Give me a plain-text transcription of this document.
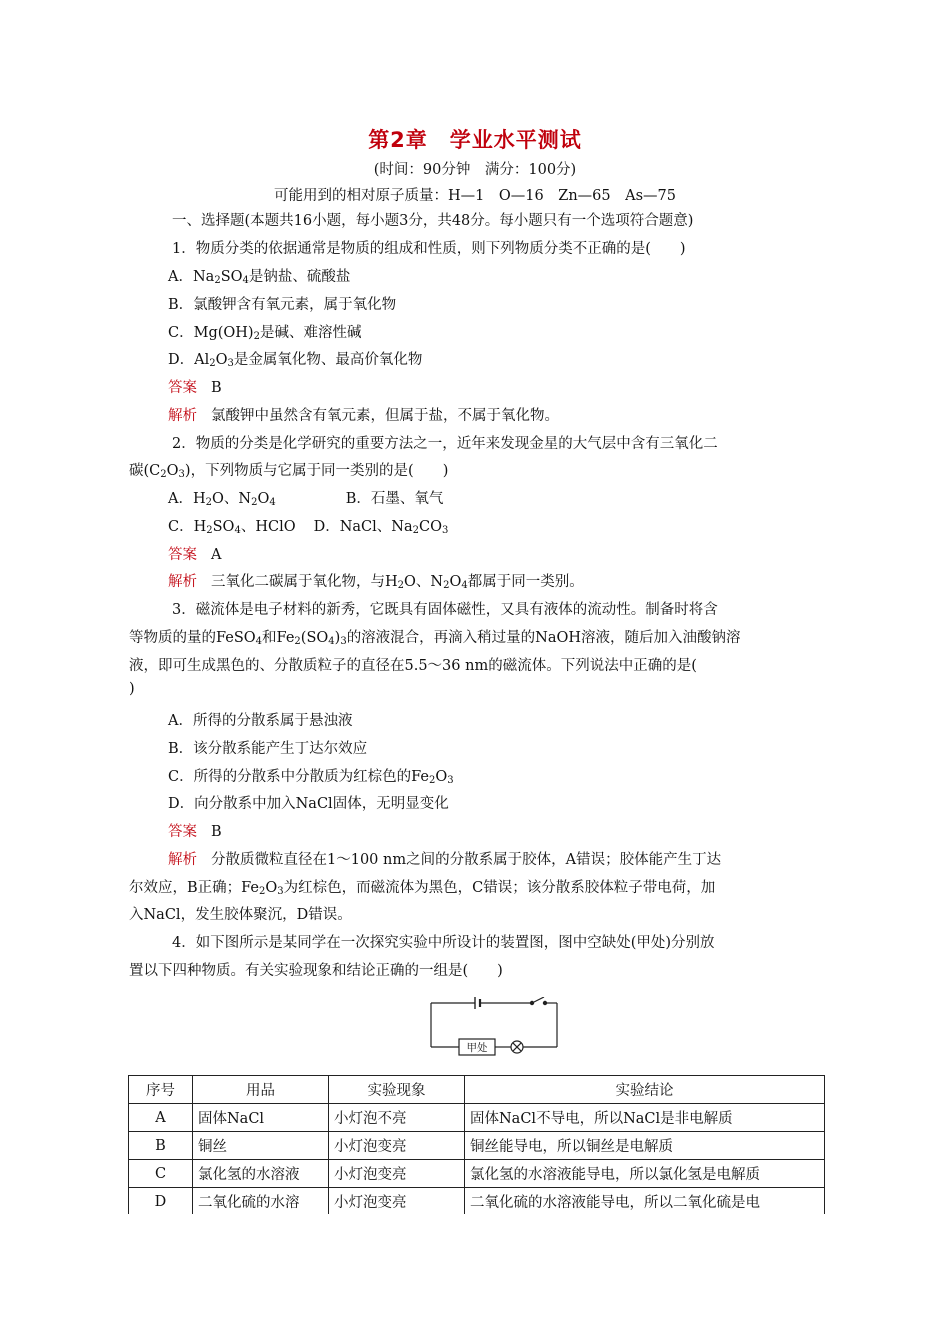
第2章　学业水平测试
(时间：90分钟　满分：100分)
可能用到的相对原子质量：H—1　O—16　Zn—65　As—75
一、选择题(本题共16小题，每小题3分，共48分。每小题只有一个选项符合题意)
1．物质分类的依据通常是物质的组成和性质，则下列物质分类不正确的是(　　)
A．$Na_2SO_4$是钠盐、硫酸盐
B．氯酸钾含有氧元素，属于氧化物
C．$Mg(OH)_2$是碱、难溶性碱
D．$Al_2O_3$是金属氧化物、最高价氧化物
答案 B
解析 氯酸钾中虽然含有氧元素，但属于盐，不属于氧化物。
2．物质的分类是化学研究的重要方法之一，近年来发现金星的大气层中含有三氧化二
碳$(C_2O_3)$，下列物质与它属于同一类别的是(　　)
A．$H_2O$、$N_2O_4$	B．石墨、氧气
C．$H_2SO_4$、HClO D．NaCl、$Na_2CO_3$
答案 A
解析 三氧化二碳属于氧化物，与$H_2O$、$N_2O_4$都属于同一类别。
3．磁流体是电子材料的新秀，它既具有固体磁性，又具有液体的流动性。制备时将含
等物质的量的FeSO$_4$和$Fe_2(SO_4)_3$的溶液混合，再滴入稍过量的NaOH溶液，随后加入油酸钠溶
液，即可生成黑色的、分散质粒子的直径在5.5～36 nm的磁流体。下列说法中正确的是(
)
A．所得的分散系属于悬浊液
B．该分散系能产生丁达尔效应
C．所得的分散系中分散质为红棕色的$Fe_2O_3$
D．向分散系中加入NaCl固体，无明显变化
答案 B
解析 分散质微粒直径在1～100 nm之间的分散系属于胶体，A错误；胶体能产生丁达
尔效应，B正确；$Fe_2O_3$为红棕色，而磁流体为黑色，C错误；该分散系胶体粒子带电荷，加
入NaCl，发生胶体聚沉，D错误。
4．如下图所示是某同学在一次探究实验中所设计的装置图，图中空缺处(甲处)分别放
置以下四种物质。有关实验现象和结论正确的一组是(　　)
甲处
序号	用品	实验现象	实验结论
A	固体NaCl	小灯泡不亮	固体NaCl不导电，所以NaCl是非电解质
B	铜丝	小灯泡变亮	铜丝能导电，所以铜丝是电解质
C	氯化氢的水溶液	小灯泡变亮	氯化氢的水溶液能导电，所以氯化氢是电解质
D	二氧化硫的水溶	小灯泡变亮	二氧化硫的水溶液能导电，所以二氧化硫是电
